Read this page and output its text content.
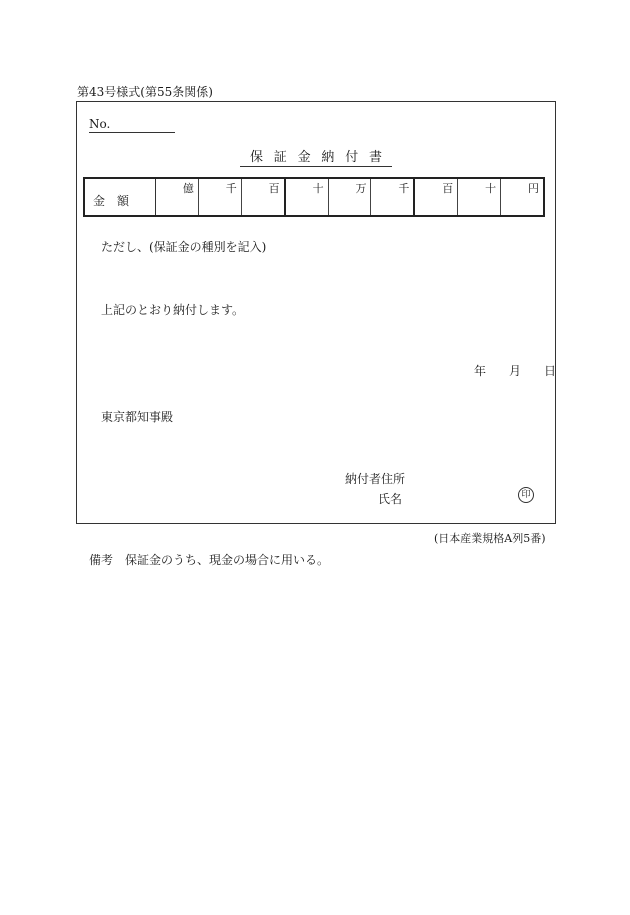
第43号様式(第55条関係)
No.
保 証 金 納 付 書
金 額
億	千	百	十	万	千	百	十	円
ただし、(保証金の種別を記入)
上記のとおり納付します。
年 月 日
東京都知事殿
納付者住所
氏名	印
(日本産業規格A列5番)
備考 保証金のうち、現金の場合に用いる。
